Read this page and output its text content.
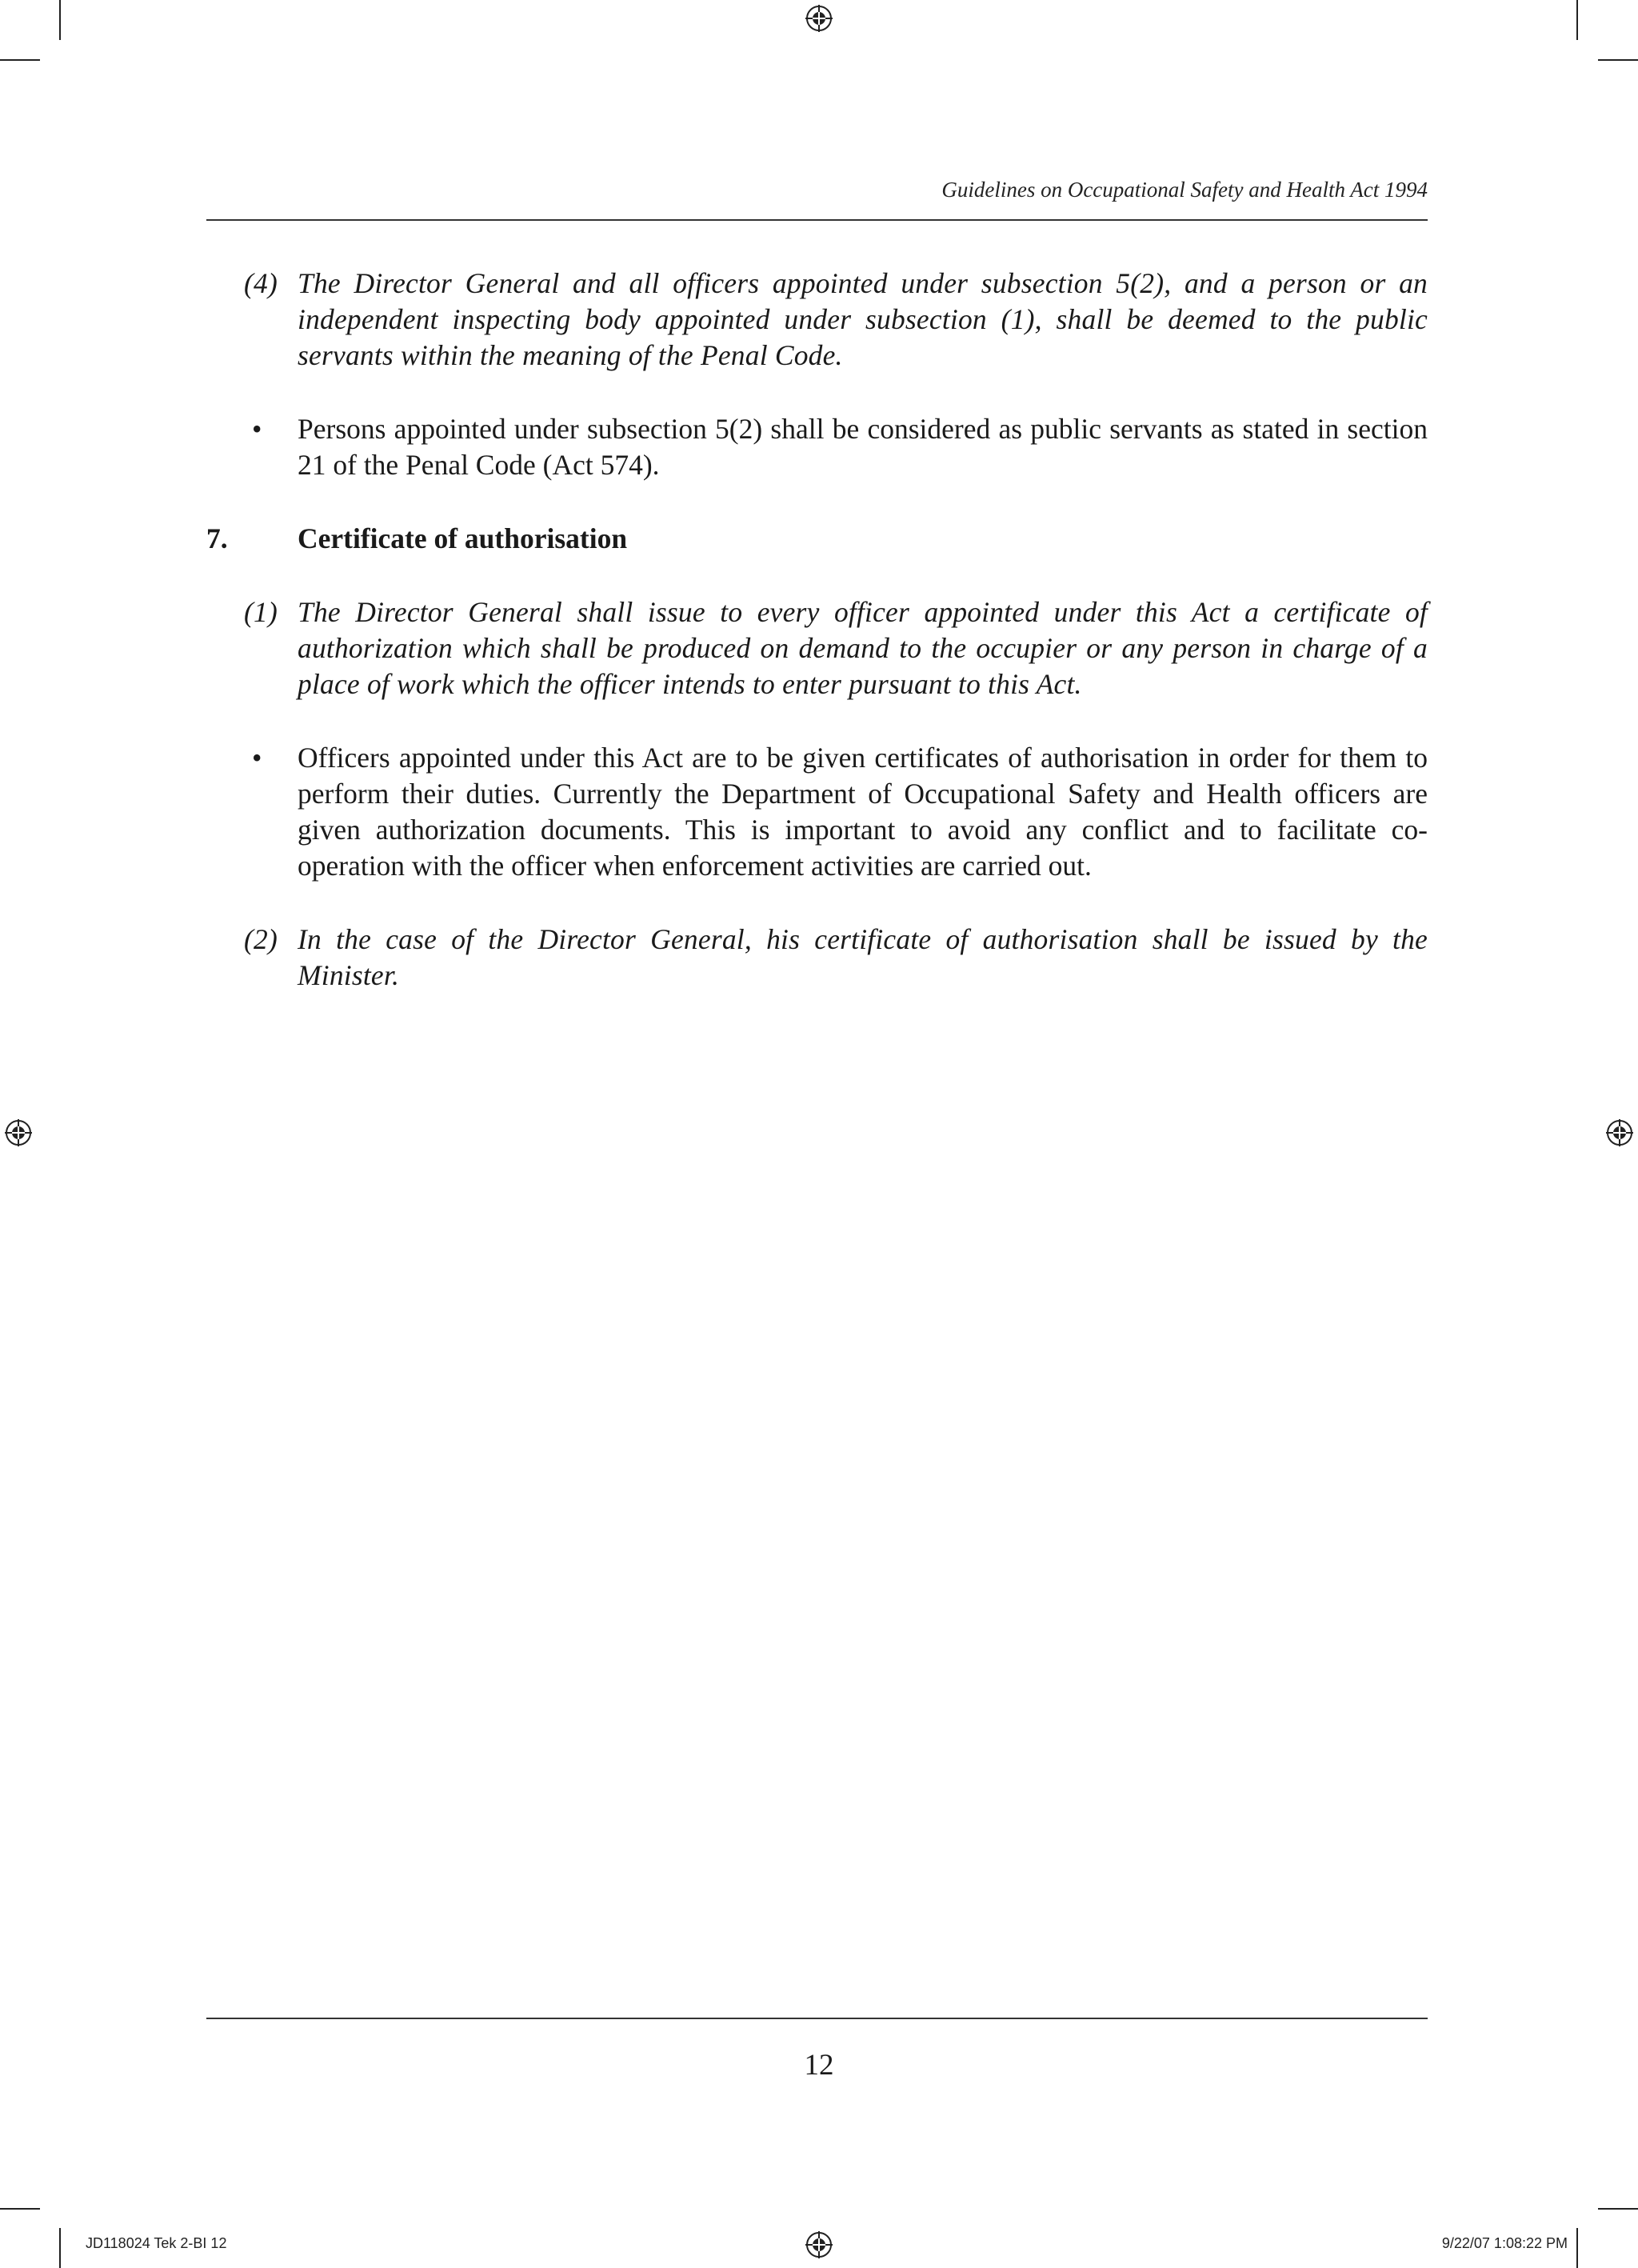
Guidelines on Occupational Safety and Health Act 1994
(4) The Director General and all officers appointed under subsection 5(2), and a person or an independent inspecting body appointed under subsection (1), shall be deemed to the public servants within the meaning of the Penal Code.
• Persons appointed under subsection 5(2) shall be considered as public servants as stated in section 21 of the Penal Code (Act 574).
7. Certificate of authorisation
(1) The Director General shall issue to every officer appointed under this Act a certificate of authorization which shall be produced on demand to the occupier or any person in charge of a place of work which the officer intends to enter pursuant to this Act.
• Officers appointed under this Act are to be given certificates of authorisation in order for them to perform their duties. Currently the Department of Occupational Safety and Health officers are given authorization documents. This is important to avoid any conflict and to facilitate co-operation with the officer when enforcement activities are carried out.
(2) In the case of the Director General, his certificate of authorisation shall be issued by the Minister.
12
JD118024 Tek 2-BI 12	9/22/07 1:08:22 PM
